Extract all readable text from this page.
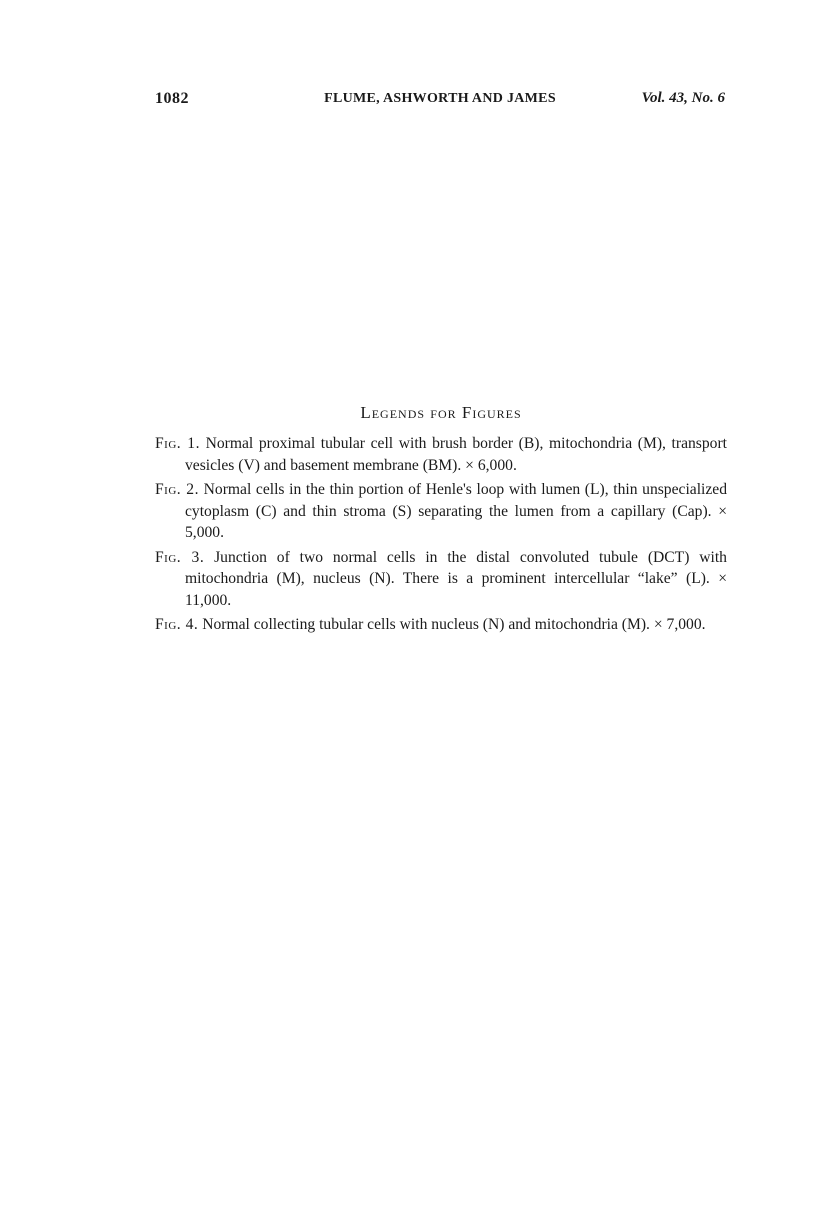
1082	FLUME, ASHWORTH AND JAMES	Vol. 43, No. 6
Legends for Figures

Fig. 1. Normal proximal tubular cell with brush border (B), mitochondria (M), transport vesicles (V) and basement membrane (BM). × 6,000.

Fig. 2. Normal cells in the thin portion of Henle's loop with lumen (L), thin unspecialized cytoplasm (C) and thin stroma (S) separating the lumen from a capillary (Cap). × 5,000.

Fig. 3. Junction of two normal cells in the distal convoluted tubule (DCT) with mitochondria (M), nucleus (N). There is a prominent intercellular “lake” (L). × 11,000.

Fig. 4. Normal collecting tubular cells with nucleus (N) and mitochondria (M). × 7,000.
